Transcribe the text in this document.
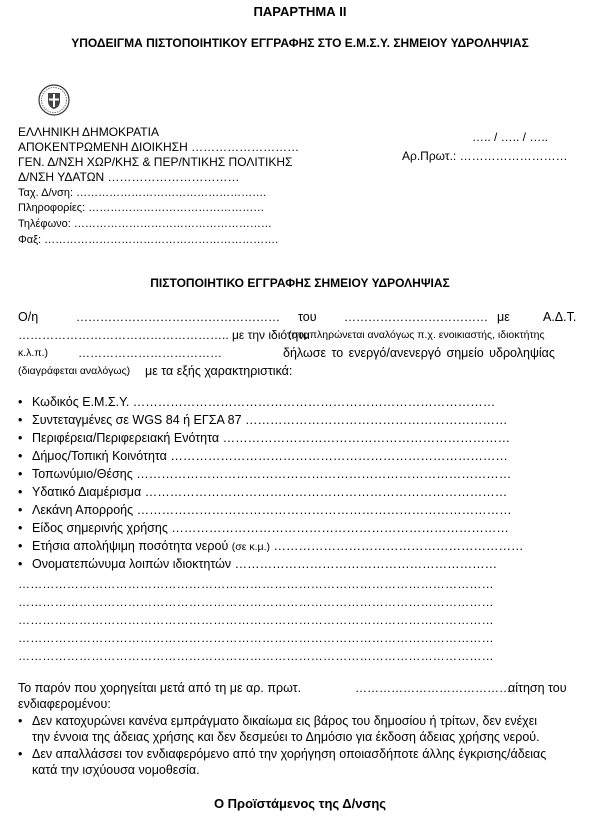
ΠΑΡΑΡΤΗΜΑ ΙΙ
ΥΠΟΔΕΙΓΜΑ ΠΙΣΤΟΠΟΙΗΤΙΚΟΥ ΕΓΓΡΑΦΗΣ ΣΤΟ Ε.Μ.Σ.Υ. ΣΗΜΕΙΟΥ ΥΔΡΟΛΗΨΙΑΣ
ΕΛΛΗΝΙΚΗ ΔΗΜΟΚΡΑΤΙΑ
ΑΠΟΚΕΝΤΡΩΜΕΝΗ ΔΙΟΙΚΗΣΗ ………………………
ΓΕΝ. Δ/ΝΣΗ ΧΩΡ/ΚΗΣ & ΠΕΡ/ΝΤΙΚΗΣ ΠΟΛΙΤΙΚΗΣ
Δ/ΝΣΗ ΥΔΑΤΩΝ ……………………………
….. / ….. / …..
Αρ.Πρωτ.: ………………………
Ταχ. Δ/νση: …………………………………………….
Πληροφορίες: …………………………………………
Τηλέφωνο: ………………………………………………
Φαξ: ……………………………………………………….
ΠΙΣΤΟΠΟΙΗΤΙΚΟ ΕΓΓΡΑΦΗΣ ΣΗΜΕΙΟΥ ΥΔΡΟΛΗΨΙΑΣ
Ο/η	…………………………………………… του ……………………………… με	Α.Δ.Τ.
…………………………………………….. με την ιδιότητα
(συμπληρώνεται αναλόγως π.χ. ενοικιαστής, ιδιοκτήτης
κ.λ.π.)	………………………………	δήλωσε το ενεργό/ανενεργό σημείο υδροληψίας
(διαγράφεται αναλόγως) με τα εξής χαρακτηριστικά:
• Κωδικός Ε.Μ.Σ.Υ. ……………………………………………………………………………
• Συντεταγμένες σε WGS 84 ή ΕΓΣΑ 87 ………………………………………………………
• Περιφέρεια/Περιφερειακή Ενότητα ……………………………………………………………
• Δήμος/Τοπική Κοινότητα ………………………………………………………………………
• Τοπωνύμιο/Θέσης ………………………………………………………………………………
• Υδατικό Διαμέρισμα ……………………………………………………………………………
• Λεκάνη Απορροής ………………………………………………………………………………
• Είδος σημερινής χρήσης ………………………………………………………………………
• Ετήσια απολήψιμη ποσότητα νερού (σε κ.μ.) ……………………………………………………
• Ονοματεπώνυμα λοιπών ιδιοκτητών ………………………………………………………
………………………………………………………………………………………………………
………………………………………………………………………………………………………
………………………………………………………………………………………………………
………………………………………………………………………………………………………
………………………………………………………………………………………………………
Το παρόν που χορηγείται μετά από τη με αρ. πρωτ.	…………………………………
αίτηση του
ενδιαφερομένου:
• Δεν κατοχυρώνει κανένα εμπράγματο δικαίωμα εις βάρος του δημοσίου ή τρίτων, δεν ενέχει
την έννοια της άδειας χρήσης και δεν δεσμεύει το Δημόσιο για έκδοση άδειας χρήσης νερού.
• Δεν απαλλάσσει τον ενδιαφερόμενο από την χορήγηση οποιασδήποτε άλλης έγκρισης/άδειας
κατά την ισχύουσα νομοθεσία.
Ο Προϊστάμενος της Δ/νσης
